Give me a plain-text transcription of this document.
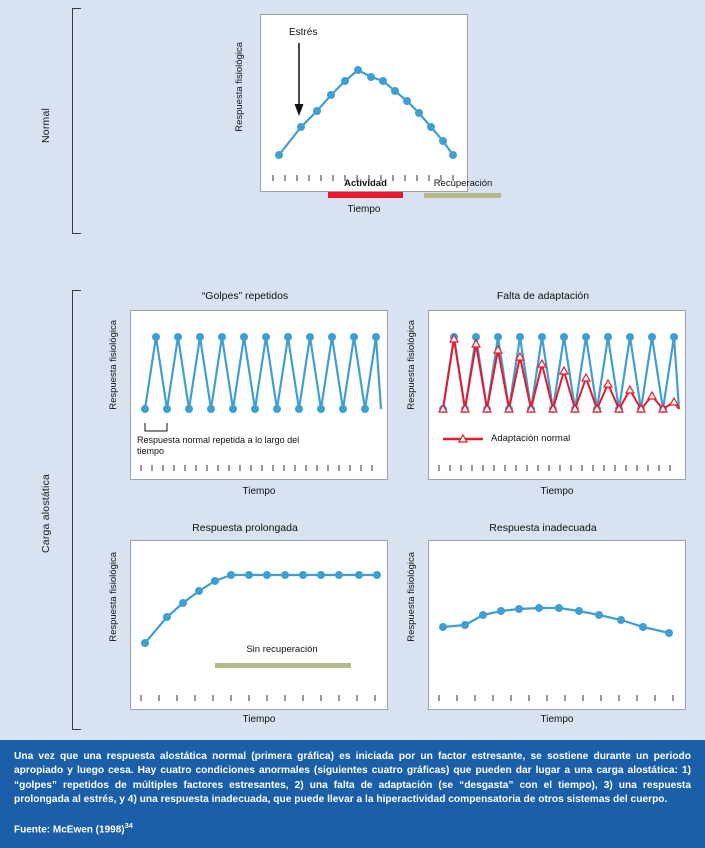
Normal	Respuesta fisiológica
Estrés
Actividad	Recuperación
Tiempo
Carga alostática
“Golpes” repetidos
Respuesta fisiológica
Respuesta normal repetida a lo largo del tiempo
Tiempo
Falta de adaptación
Respuesta fisiológica
Adaptación normal
Tiempo
Respuesta prolongada
Respuesta fisiológica
Sin recuperación
Tiempo
Respuesta inadecuada
Respuesta fisiológica
Tiempo

Una vez que una respuesta alostática normal (primera gráfica) es iniciada por un factor estresante, se sostiene durante un periodo apropiado y luego cesa. Hay cuatro condiciones anormales (siguientes cuatro gráficas) que pueden dar lugar a una carga alostática: 1) “golpes” repetidos de múltiples factores estresantes, 2) una falta de adaptación (se “desgasta” con el tiempo), 3) una respuesta prolongada al estrés, y 4) una respuesta inadecuada, que puede llevar a la hiperactividad compensatoria de otros sistemas del cuerpo.

Fuente: McEwen $(1998)^{34}$
